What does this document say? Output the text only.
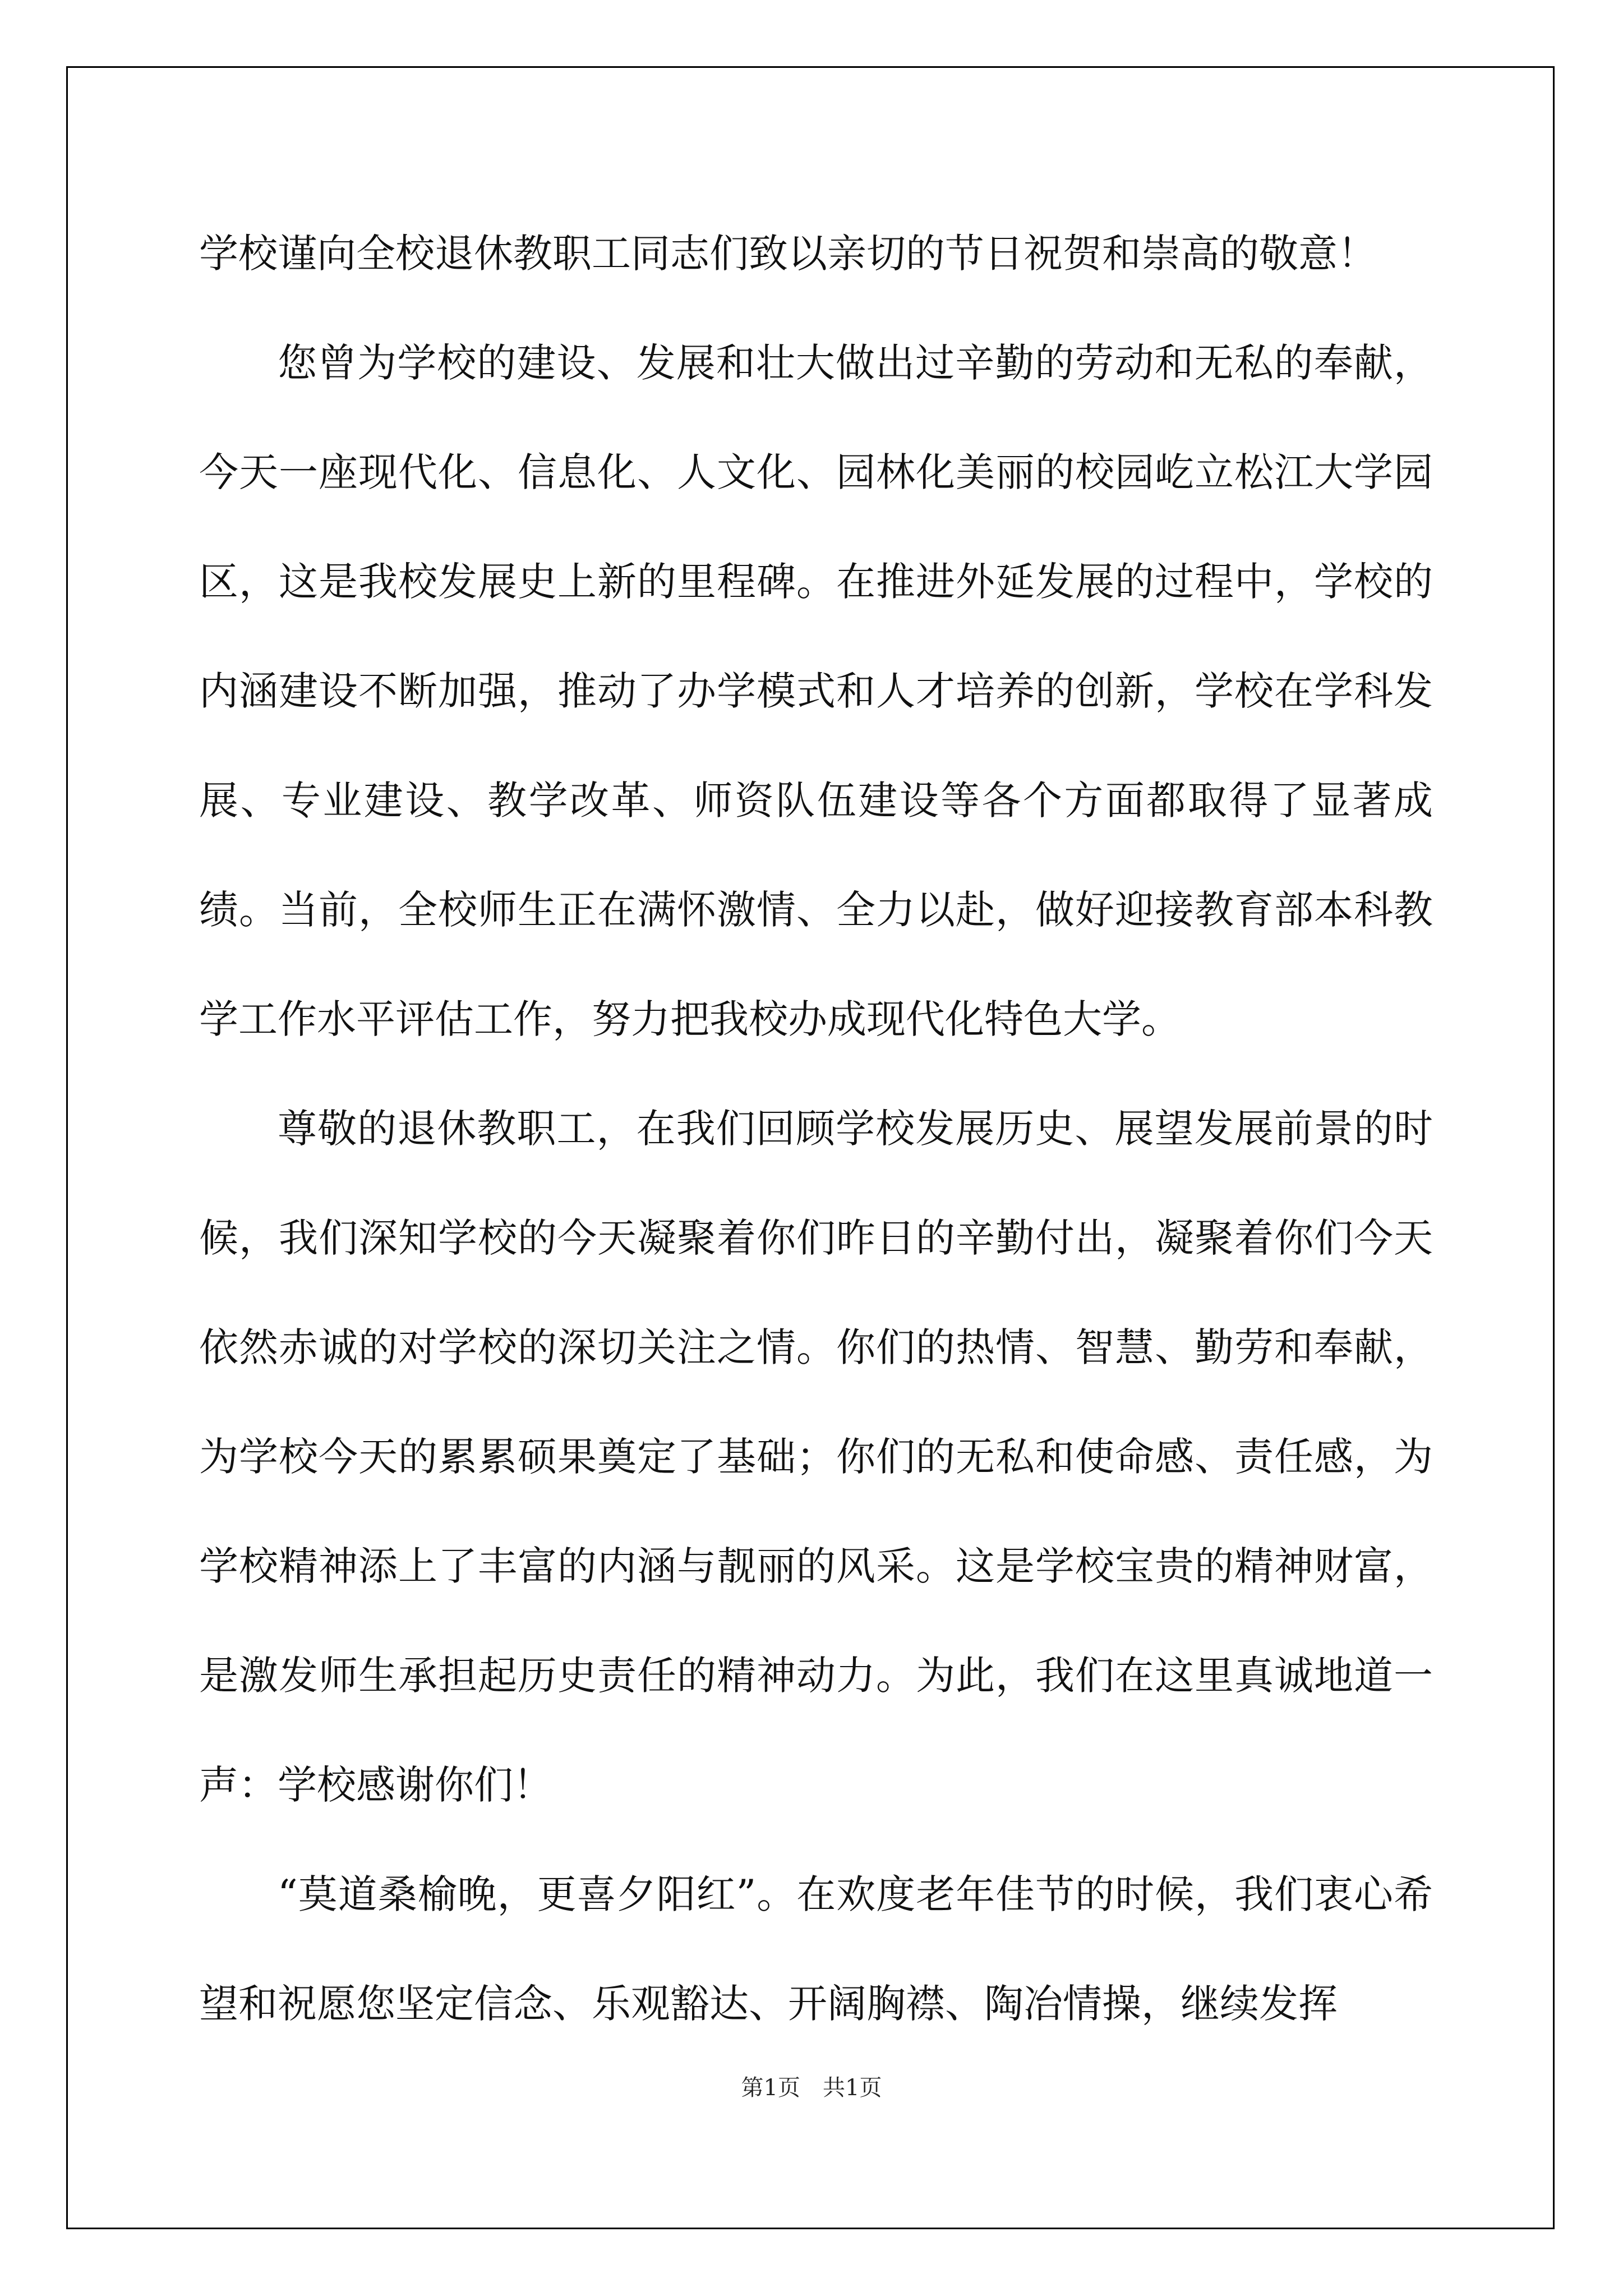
学校谨向全校退休教职工同志们致以亲切的节日祝贺和崇高的敬意！

您曾为学校的建设、发展和壮大做出过辛勤的劳动和无私的奉献，今天一座现代化、信息化、人文化、园林化美丽的校园屹立松江大学园区，这是我校发展史上新的里程碑。在推进外延发展的过程中，学校的内涵建设不断加强，推动了办学模式和人才培养的创新，学校在学科发展、专业建设、教学改革、师资队伍建设等各个方面都取得了显著成绩。当前，全校师生正在满怀激情、全力以赴，做好迎接教育部本科教学工作水平评估工作，努力把我校办成现代化特色大学。

尊敬的退休教职工，在我们回顾学校发展历史、展望发展前景的时候，我们深知学校的今天凝聚着你们昨日的辛勤付出，凝聚着你们今天依然赤诚的对学校的深切关注之情。你们的热情、智慧、勤劳和奉献，为学校今天的累累硕果奠定了基础；你们的无私和使命感、责任感，为学校精神添上了丰富的内涵与靓丽的风采。这是学校宝贵的精神财富，是激发师生承担起历史责任的精神动力。为此，我们在这里真诚地道一声：学校感谢你们！

“莫道桑榆晚，更喜夕阳红”。在欢度老年佳节的时候，我们衷心希望和祝愿您坚定信念、乐观豁达、开阔胸襟、陶冶情操，继续发挥

第1页　共1页
